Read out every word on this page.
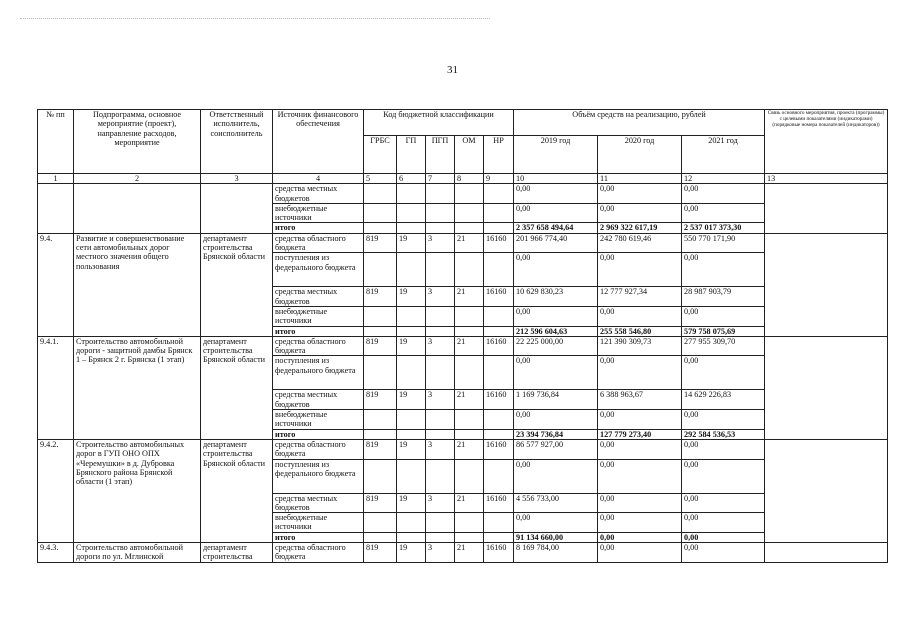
31
№ пп	Подпрограмма, основное мероприятие (проект), направление расходов, мероприятие	Ответственный исполнитель, соисполнитель	Источник финансового обеспечения	Код бюджетной классификации					Объём средств на реализацию, рублей			Связь основного мероприятия, проекта (программы) с целевыми показателями (индикаторами) (порядковые номера показателей (индикаторов))
				ГРБС	ГП	ПГП	ОМ	НР	2019 год	2020 год	2021 год	
1	2	3	4	5	6	7	8	9	10	11	12	13
			средства местных бюджетов						0,00	0,00	0,00	
			внебюджетные источники						0,00	0,00	0,00	
			итого						2 357 658 494,64	2 969 322 617,19	2 537 017 373,30	
9.4.	Развитие и совершенствование сети автомобильных дорог местного значения общего пользования	департамент строительства Брянской области	средства областного бюджета	819	19	3	21	16160	201 966 774,40	242 780 619,46	550 770 171,90	
			поступления из федерального бюджета						0,00	0,00	0,00	
			средства местных бюджетов	819	19	3	21	16160	10 629 830,23	12 777 927,34	28 987 903,79	
			внебюджетные источники						0,00	0,00	0,00	
			итого						212 596 604,63	255 558 546,80	579 758 075,69	
9.4.1.	Строительство автомобильной дороги - защитной дамбы Брянск 1 – Брянск 2 г. Брянска (1 этап)	департамент строительства Брянской области	средства областного бюджета	819	19	3	21	16160	22 225 000,00	121 390 309,73	277 955 309,70	
			поступления из федерального бюджета						0,00	0,00	0,00	
			средства местных бюджетов	819	19	3	21	16160	1 169 736,84	6 388 963,67	14 629 226,83	
			внебюджетные источники						0,00	0,00	0,00	
			итого						23 394 736,84	127 779 273,40	292 584 536,53	
9.4.2.	Строительство автомобильных дорог в ГУП ОНО ОПХ «Черемушки» в д. Дубровка Брянского района Брянской области (1 этап)	департамент строительства Брянской области	средства областного бюджета	819	19	3	21	16160	86 577 927,00	0,00	0,00	
			поступления из федерального бюджета						0,00	0,00	0,00	
			средства местных бюджетов	819	19	3	21	16160	4 556 733,00	0,00	0,00	
			внебюджетные источники						0,00	0,00	0,00	
			итого						91 134 660,00	0,00	0,00	
9.4.3.	Строительство автомобильной дороги по ул. Мглинской	департамент строительства	средства областного бюджета	819	19	3	21	16160	8 169 784,00	0,00	0,00	
